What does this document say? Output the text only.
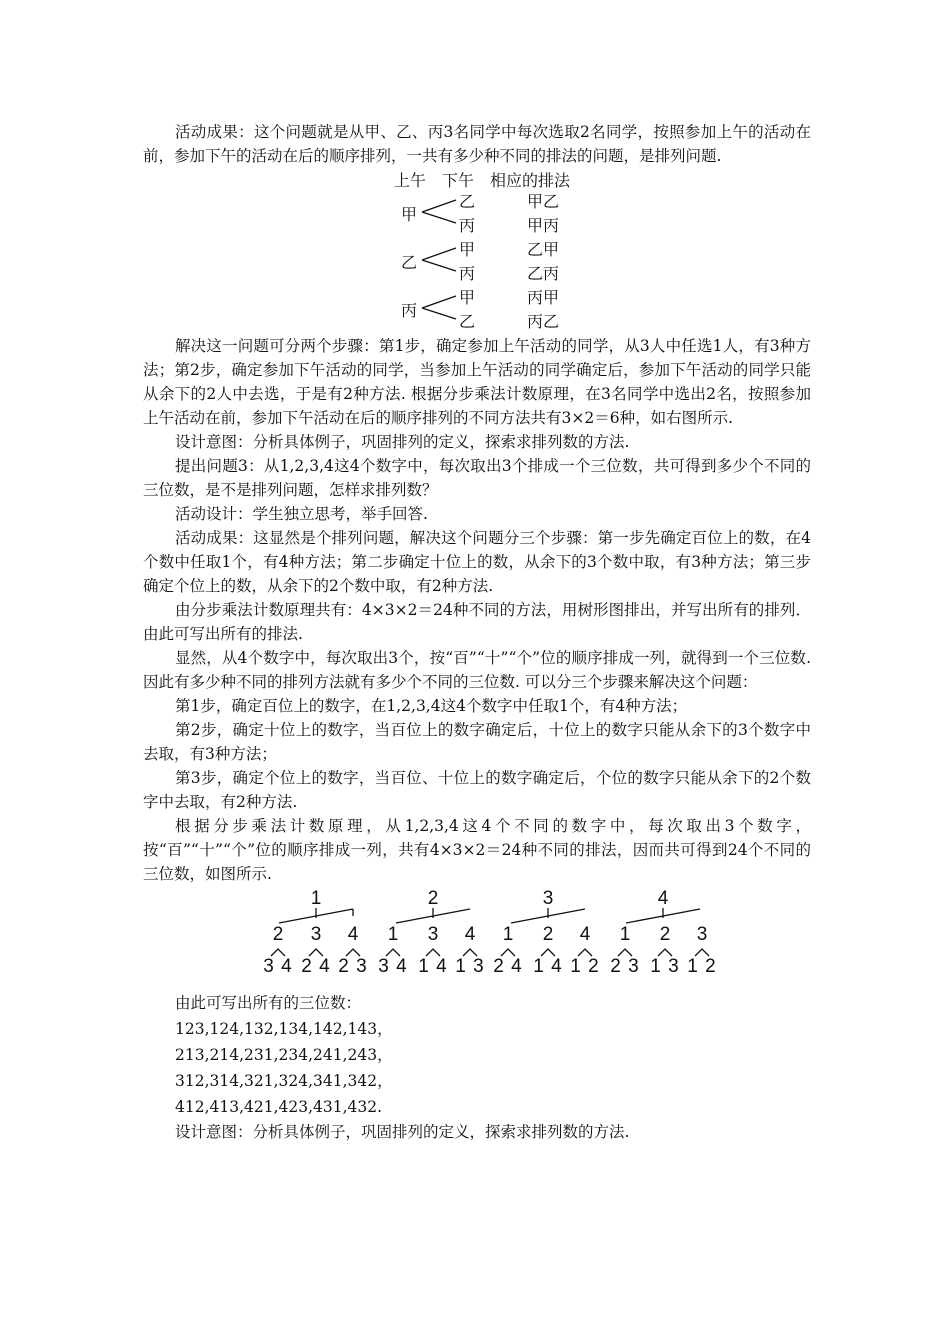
活动成果：这个问题就是从甲、乙、丙3名同学中每次选取2名同学，按照参加上午的活动在前，参加下午的活动在后的顺序排列，一共有多少种不同的排法的问题，是排列问题.

上午　下午　相应的排法
甲
乙
丙
甲乙
甲丙
乙
甲
丙
乙甲
乙丙
丙
甲
乙
丙甲
丙乙

解决这一问题可分两个步骤：第1步，确定参加上午活动的同学，从3人中任选1人，有3种方法；第2步，确定参加下午活动的同学，当参加上午活动的同学确定后，参加下午活动的同学只能从余下的2人中去选，于是有2种方法. 根据分步乘法计数原理，在3名同学中选出2名，按照参加上午活动在前，参加下午活动在后的顺序排列的不同方法共有3×2＝6种，如右图所示.

设计意图：分析具体例子，巩固排列的定义，探索求排列数的方法.

提出问题3：从1,2,3,4这4个数字中，每次取出3个排成一个三位数，共可得到多少个不同的三位数，是不是排列问题，怎样求排列数？

活动设计：学生独立思考，举手回答.

活动成果：这显然是个排列问题，解决这个问题分三个步骤：第一步先确定百位上的数，在4个数中任取1个，有4种方法；第二步确定十位上的数，从余下的3个数中取，有3种方法；第三步确定个位上的数，从余下的2个数中取，有2种方法.

由分步乘法计数原理共有：4×3×2＝24种不同的方法，用树形图排出，并写出所有的排列．由此可写出所有的排法.

显然，从4个数字中，每次取出3个，按“百”“十”“个”位的顺序排成一列，就得到一个三位数. 因此有多少种不同的排列方法就有多少个不同的三位数. 可以分三个步骤来解决这个问题：

第1步，确定百位上的数字，在1,2,3,4这4个数字中任取1个，有4种方法；

第2步，确定十位上的数字，当百位上的数字确定后，十位上的数字只能从余下的3个数字中去取，有3种方法；

第3步，确定个位上的数字，当百位、十位上的数字确定后，个位的数字只能从余下的2个数字中去取，有2种方法.

根据分步乘法计数原理，从1,2,3,4这4个不同的数字中，每次取出3个数字，按“百”“十”“个”位的顺序排成一列，共有4×3×2＝24种不同的排法，因而共可得到24个不同的三位数，如图所示.

1
2 3 4
3 4 2 4 2 3
2
1 3 4
3 4 1 4 1 3
3
1 2 4
2 4 1 4 1 2
4
1 2 3
2 3 1 3 1 2

由此可写出所有的三位数：

123,124,132,134,142,143，

213,214,231,234,241,243，

312,314,321,324,341,342，

412,413,421,423,431,432.

设计意图：分析具体例子，巩固排列的定义，探索求排列数的方法.
